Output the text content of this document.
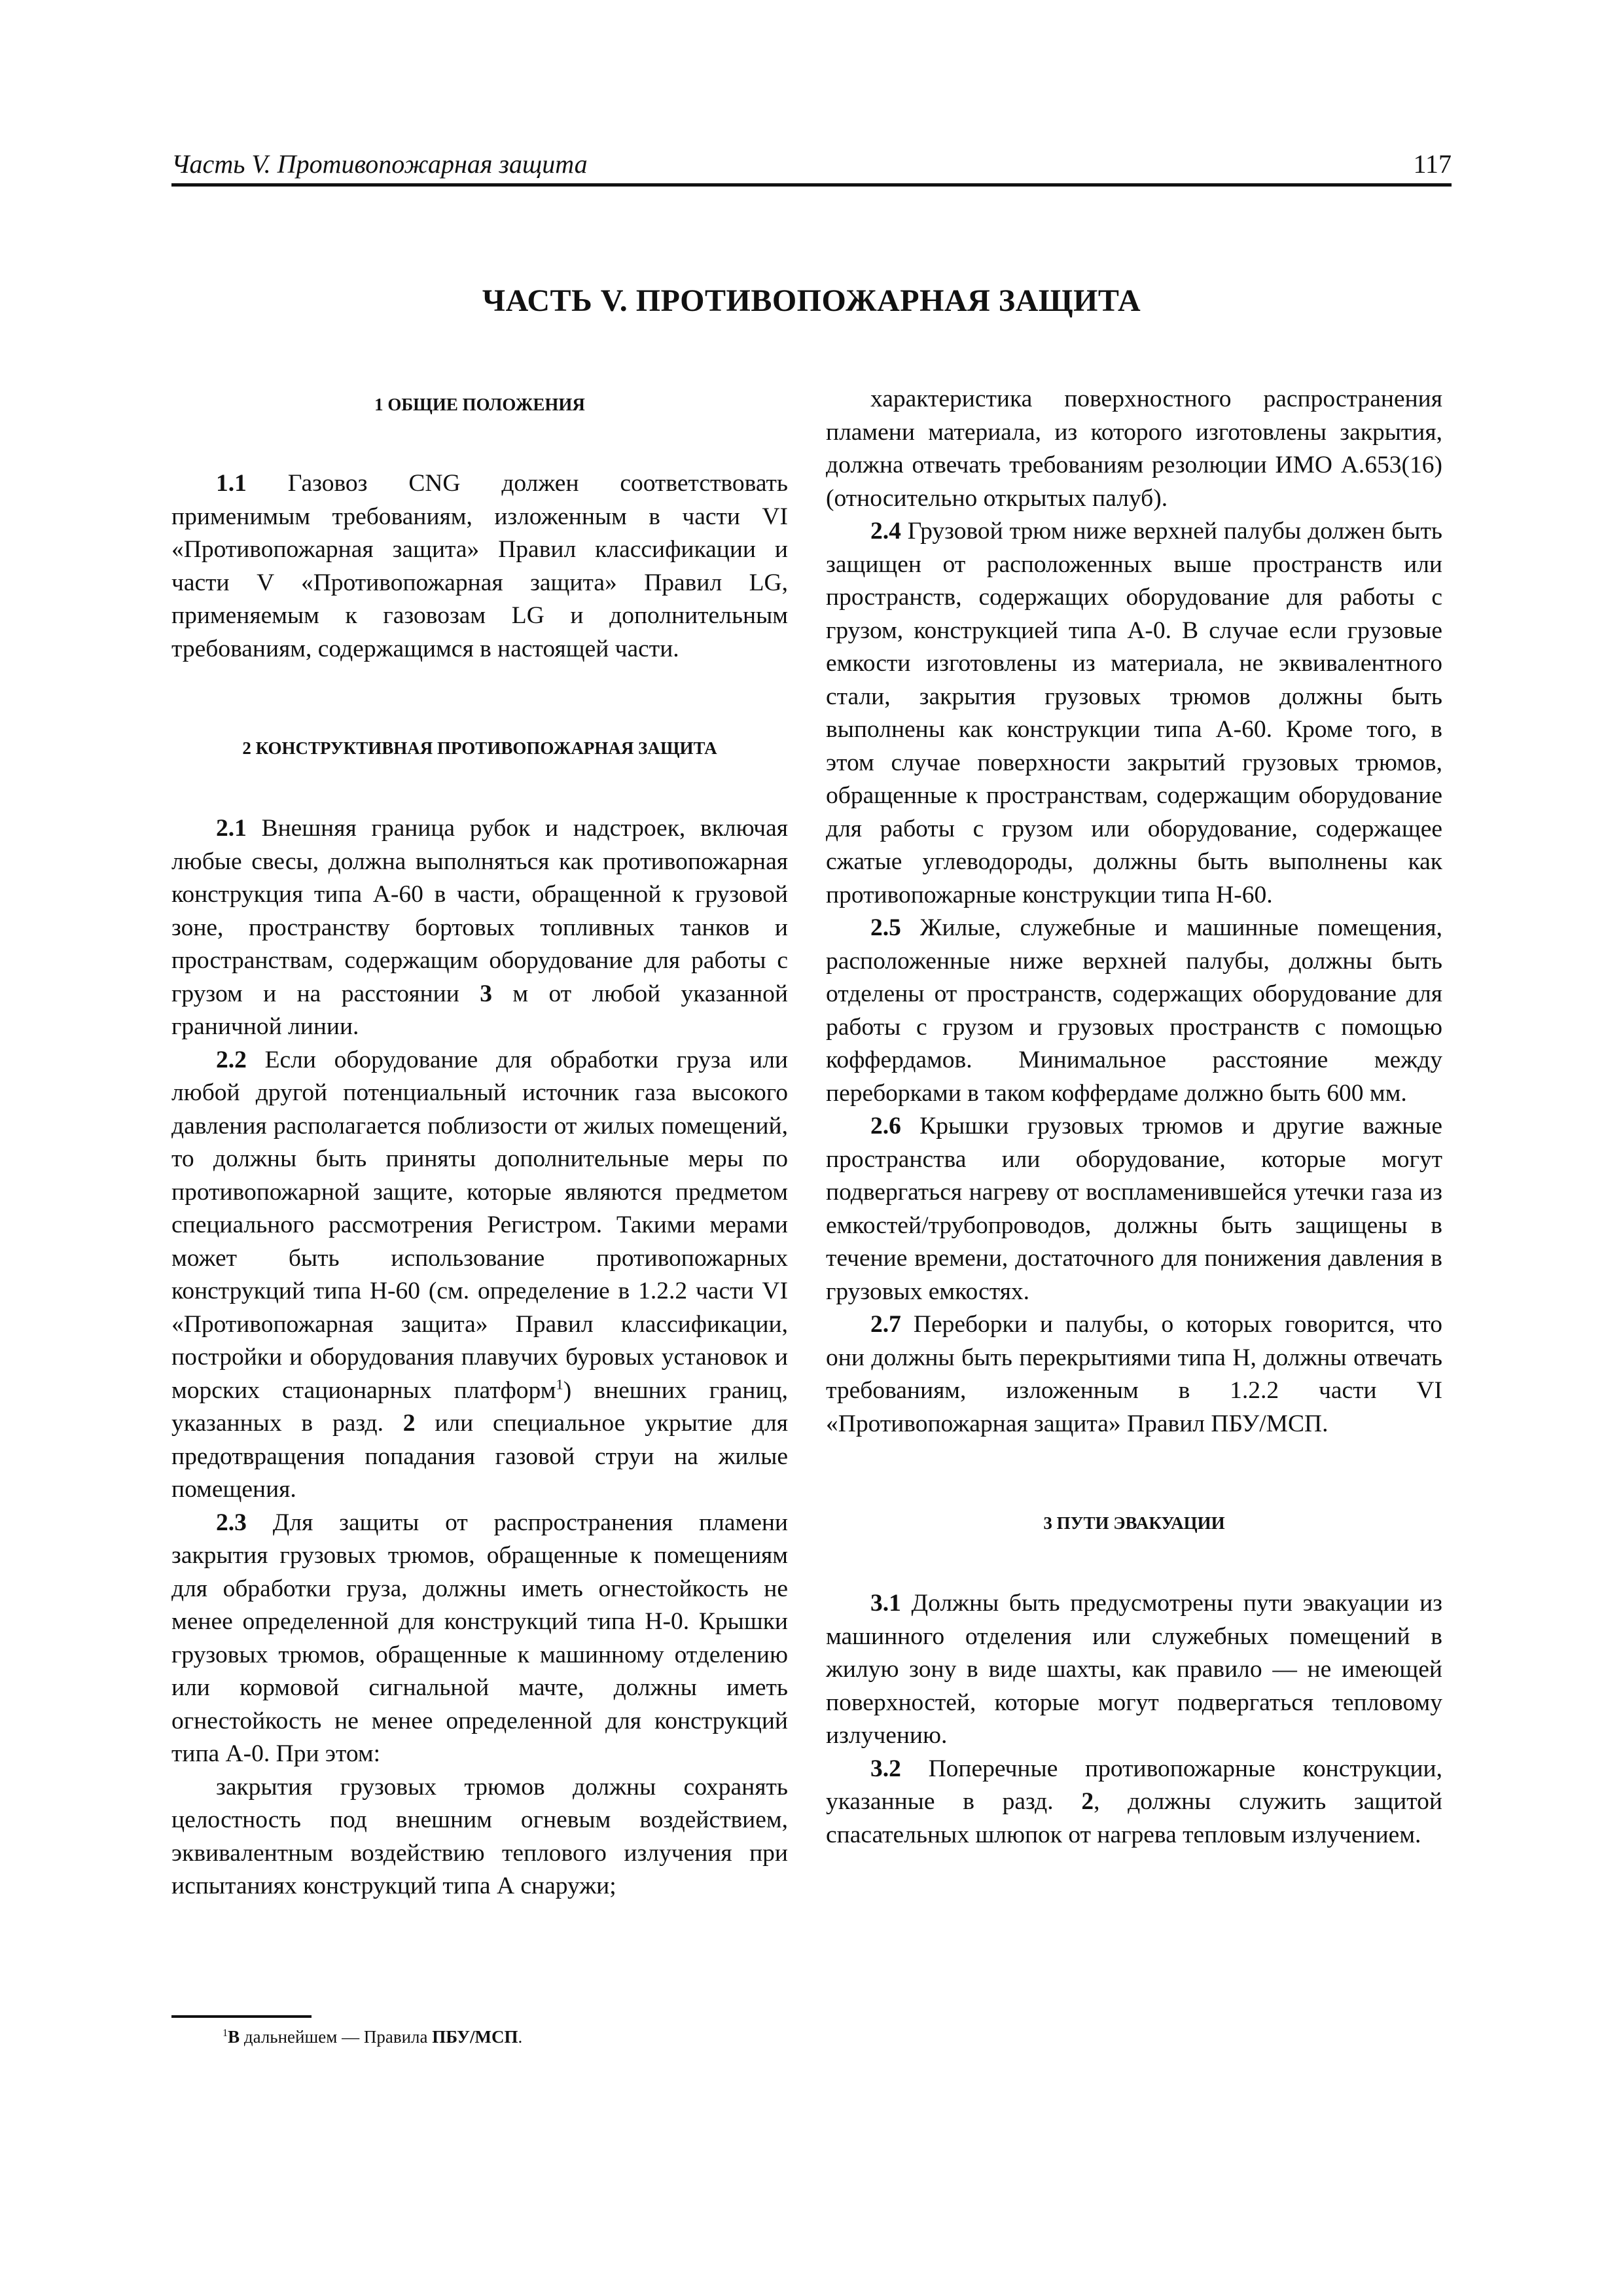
Часть V. Противопожарная защита	117
ЧАСТЬ V. ПРОТИВОПОЖАРНАЯ ЗАЩИТА
1 ОБЩИЕ ПОЛОЖЕНИЯ

1.1 Газовоз CNG должен соответствовать применимым требованиям, изложенным в части VI «Противопожарная защита» Правил классификации и части V «Противопожарная защита» Правил LG, применяемым к газовозам LG и дополнительным требованиям, содержащимся в настоящей части.

2 КОНСТРУКТИВНАЯ ПРОТИВОПОЖАРНАЯ ЗАЩИТА

2.1 Внешняя граница рубок и надстроек, включая любые свесы, должна выполняться как противопожарная конструкция типа А-60 в части, обращенной к грузовой зоне, пространству бортовых топливных танков и пространствам, содержащим оборудование для работы с грузом и на расстоянии 3 м от любой указанной граничной линии.

2.2 Если оборудование для обработки груза или любой другой потенциальный источник газа высокого давления располагается поблизости от жилых помещений, то должны быть приняты дополнительные меры по противопожарной защите, которые являются предметом специального рассмотрения Регистром. Такими мерами может быть использование противопожарных конструкций типа Н-60 (см. определение в 1.2.2 части VI «Противопожарная защита» Правил классификации, постройки и оборудования плавучих буровых установок и морских стационарных платформ$^1$) внешних границ, указанных в разд. 2 или специальное укрытие для предотвращения попадания газовой струи на жилые помещения.

2.3 Для защиты от распространения пламени закрытия грузовых трюмов, обращенные к помещениям для обработки груза, должны иметь огнестойкость не менее определенной для конструкций типа Н-0. Крышки грузовых трюмов, обращенные к машинному отделению или кормовой сигнальной мачте, должны иметь огнестойкость не менее определенной для конструкций типа А-0. При этом:

закрытия грузовых трюмов должны сохранять целостность под внешним огневым воздействием, эквивалентным воздействию теплового излучения при испытаниях конструкций типа А снаружи;

характеристика поверхностного распространения пламени материала, из которого изготовлены закрытия, должна отвечать требованиям резолюции ИМО А.653(16) (относительно открытых палуб).

2.4 Грузовой трюм ниже верхней палубы должен быть защищен от расположенных выше пространств или пространств, содержащих оборудование для работы с грузом, конструкцией типа А-0. В случае если грузовые емкости изготовлены из материала, не эквивалентного стали, закрытия грузовых трюмов должны быть выполнены как конструкции типа А-60. Кроме того, в этом случае поверхности закрытий грузовых трюмов, обращенные к пространствам, содержащим оборудование для работы с грузом или оборудование, содержащее сжатые углеводороды, должны быть выполнены как противопожарные конструкции типа Н-60.

2.5 Жилые, служебные и машинные помещения, расположенные ниже верхней палубы, должны быть отделены от пространств, содержащих оборудование для работы с грузом и грузовых пространств с помощью коффердамов. Минимальное расстояние между переборками в таком коффердаме должно быть 600 мм.

2.6 Крышки грузовых трюмов и другие важные пространства или оборудование, которые могут подвергаться нагреву от воспламенившейся утечки газа из емкостей/трубопроводов, должны быть защищены в течение времени, достаточного для понижения давления в грузовых емкостях.

2.7 Переборки и палубы, о которых говорится, что они должны быть перекрытиями типа Н, должны отвечать требованиям, изложенным в 1.2.2 части VI «Противопожарная защита» Правил ПБУ/МСП.

3 ПУТИ ЭВАКУАЦИИ

3.1 Должны быть предусмотрены пути эвакуации из машинного отделения или служебных помещений в жилую зону в виде шахты, как правило — не имеющей поверхностей, которые могут подвергаться тепловому излучению.

3.2 Поперечные противопожарные конструкции, указанные в разд. 2, должны служить защитой спасательных шлюпок от нагрева тепловым излучением.

$^1$В дальнейшем — Правила ПБУ/МСП.
